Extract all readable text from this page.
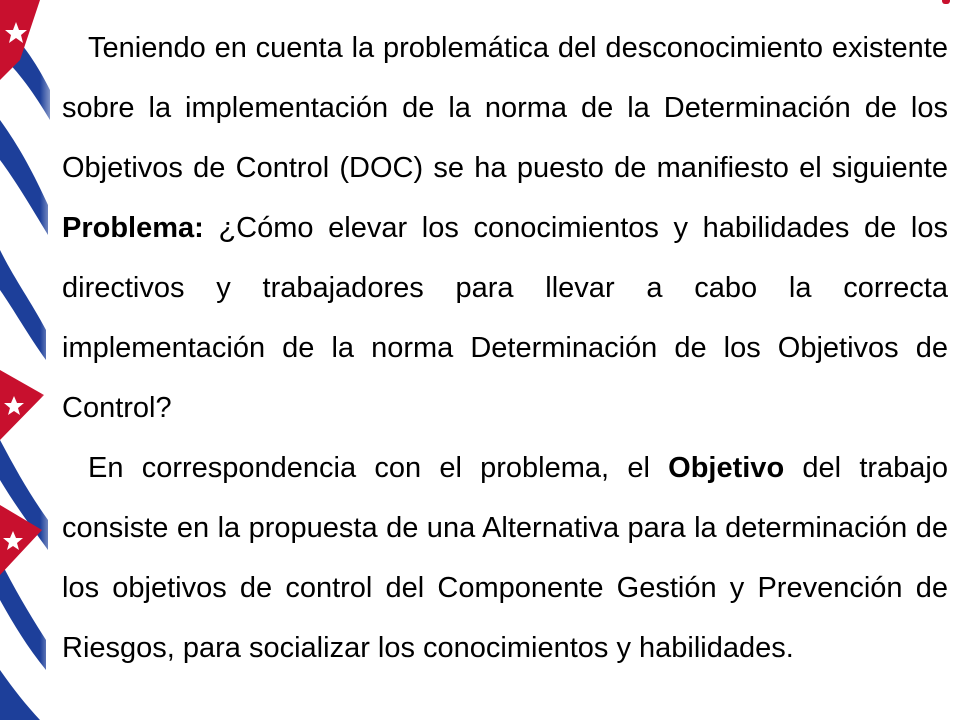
Teniendo en cuenta la problemática del desconocimiento existente sobre la implementación de la norma de la Determinación de los Objetivos de Control (DOC) se ha puesto de manifiesto el siguiente Problema: ¿Cómo elevar los conocimientos y habilidades de los directivos y trabajadores para llevar a cabo la correcta implementación de la norma Determinación de los Objetivos de Control?

En correspondencia con el problema, el Objetivo del trabajo consiste en la propuesta de una Alternativa para la determinación de los objetivos de control del Componente Gestión y Prevención de Riesgos, para socializar los conocimientos y habilidades.
